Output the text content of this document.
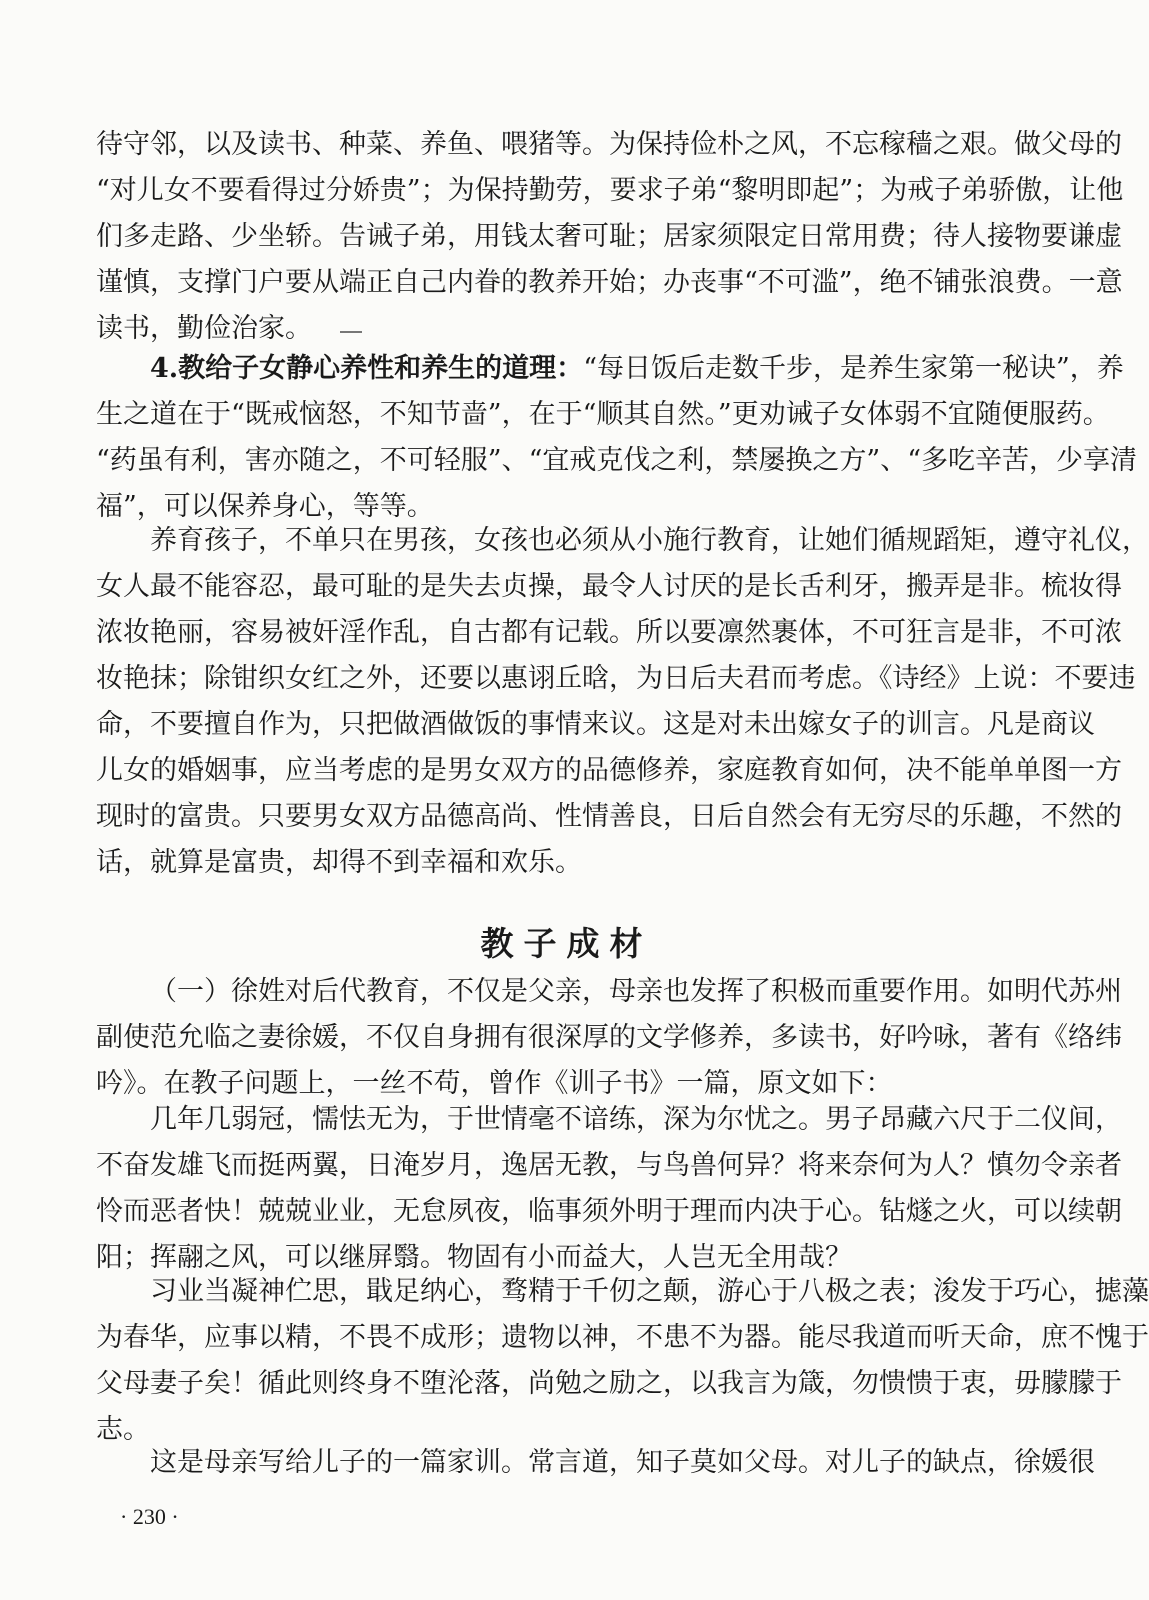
待守邻，以及读书、种菜、养鱼、喂猪等。为保持俭朴之风，不忘稼穑之艰。做父母的
“对儿女不要看得过分娇贵”；为保持勤劳，要求子弟“黎明即起”；为戒子弟骄傲，让他
们多走路、少坐轿。告诫子弟，用钱太奢可耻；居家须限定日常用费；待人接物要谦虚
谨慎，支撑门户要从端正自己内眷的教养开始；办丧事“不可滥”，绝不铺张浪费。一意
读书，勤俭治家。
4.教给子女静心养性和养生的道理：“每日饭后走数千步，是养生家第一秘诀”，养
生之道在于“既戒恼怒，不知节啬”，在于“顺其自然。”更劝诫子女体弱不宜随便服药。
“药虽有利，害亦随之，不可轻服”、“宜戒克伐之利，禁屡换之方”、“多吃辛苦，少享清
福”，可以保养身心，等等。
养育孩子，不单只在男孩，女孩也必须从小施行教育，让她们循规蹈矩，遵守礼仪，
女人最不能容忍，最可耻的是失去贞操，最令人讨厌的是长舌利牙，搬弄是非。梳妆得
浓妆艳丽，容易被奸淫作乱，自古都有记载。所以要凛然裹体，不可狂言是非，不可浓
妆艳抹；除钳织女红之外，还要以惠诩丘晗，为日后夫君而考虑。《诗经》上说：不要违
命，不要擅自作为，只把做酒做饭的事情来议。这是对未出嫁女子的训言。凡是商议
儿女的婚姻事，应当考虑的是男女双方的品德修养，家庭教育如何，决不能单单图一方
现时的富贵。只要男女双方品德高尚、性情善良，日后自然会有无穷尽的乐趣，不然的
话，就算是富贵，却得不到幸福和欢乐。
教子成材
（一）徐姓对后代教育，不仅是父亲，母亲也发挥了积极而重要作用。如明代苏州
副使范允临之妻徐媛，不仅自身拥有很深厚的文学修养，多读书，好吟咏，著有《络纬
吟》。在教子问题上，一丝不苟，曾作《训子书》一篇，原文如下：
几年几弱冠，懦怯无为，于世情毫不谙练，深为尔忧之。男子昂藏六尺于二仪间，
不奋发雄飞而挺两翼，日淹岁月，逸居无教，与鸟兽何异？将来奈何为人？慎勿令亲者
怜而恶者快！兢兢业业，无怠夙夜，临事须外明于理而内决于心。钻燧之火，可以续朝
阳；挥翮之风，可以继屏翳。物固有小而益大，人岂无全用哉？
习业当凝神伫思，戢足纳心，骛精于千仞之颠，游心于八极之表；浚发于巧心，摅藻
为春华，应事以精，不畏不成形；遗物以神，不患不为器。能尽我道而听天命，庶不愧于
父母妻子矣！循此则终身不堕沦落，尚勉之励之，以我言为箴，勿愦愦于衷，毋朦朦于
志。
这是母亲写给儿子的一篇家训。常言道，知子莫如父母。对儿子的缺点，徐媛很
· 230 ·
